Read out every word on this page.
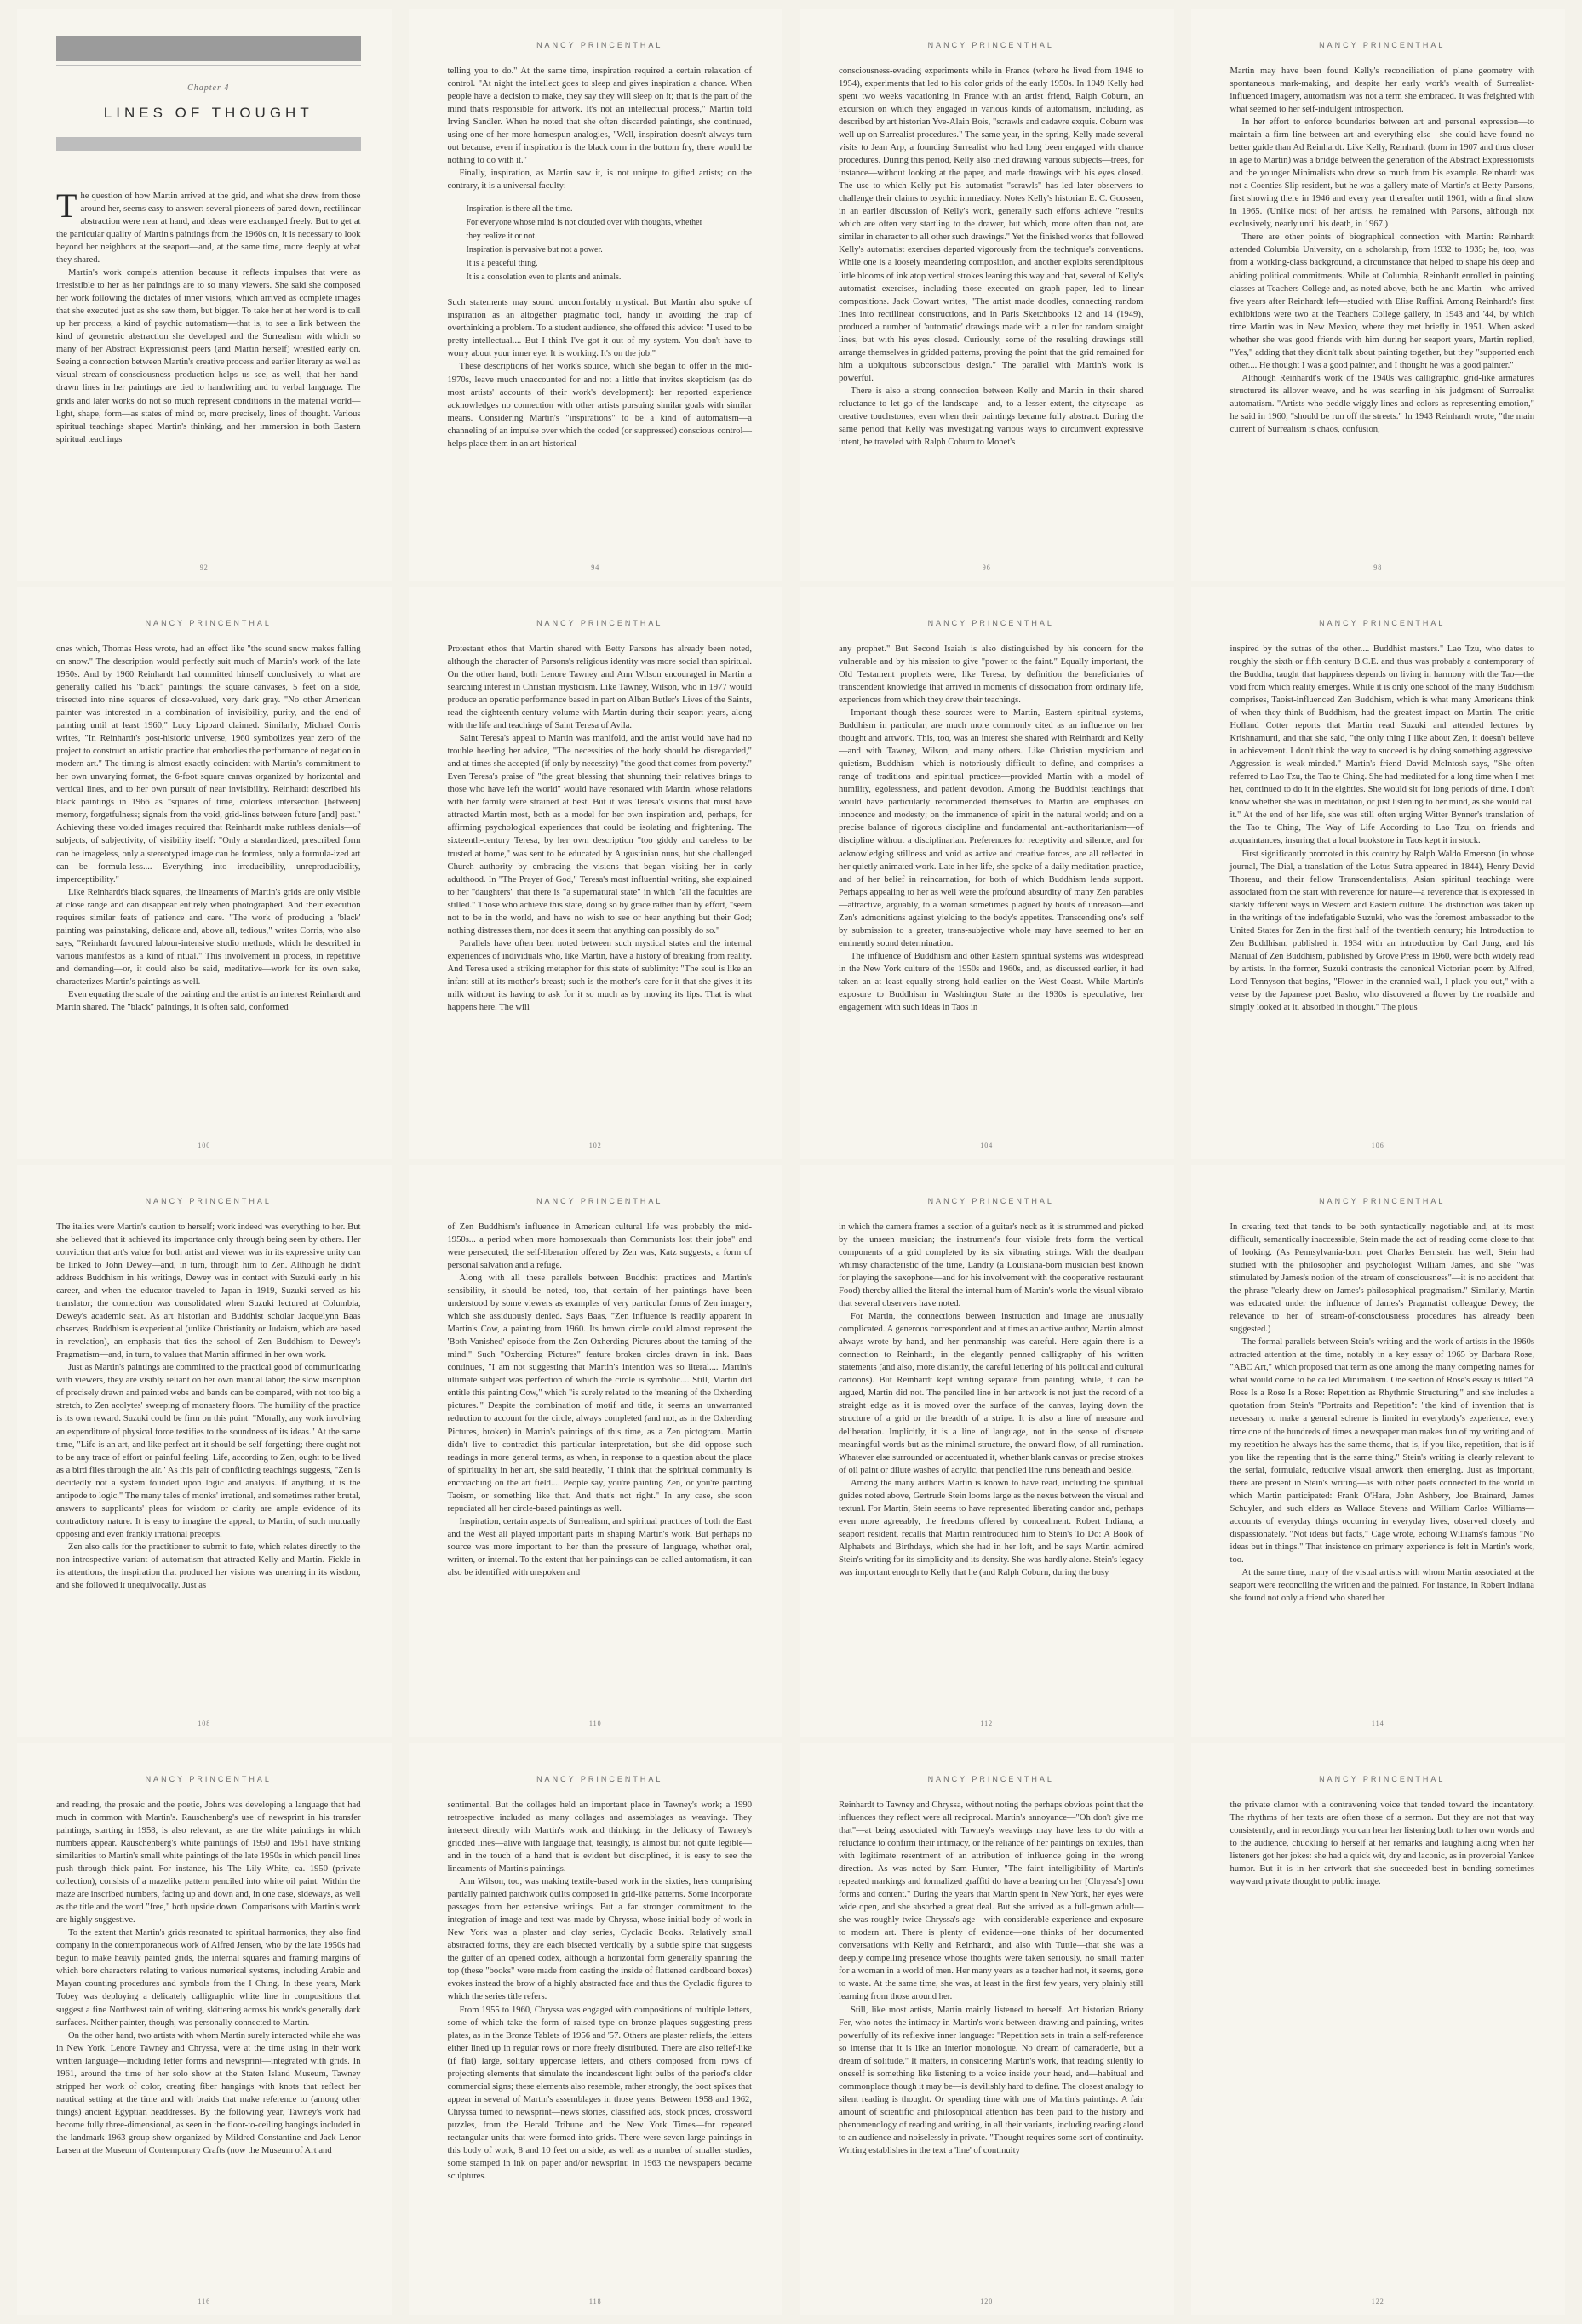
Chapter 4
LINES OF THOUGHT

The question of how Martin arrived at the grid, and what she drew from those around her, seems easy to answer: several pioneers of pared down, rectilinear abstraction were near at hand, and ideas were exchanged freely. But to get at the particular quality of Martin's paintings from the 1960s on, it is necessary to look beyond her neighbors at the seaport—and, at the same time, more deeply at what they shared.

Martin's work compels attention because it reflects impulses that were as irresistible to her as her paintings are to so many viewers. She said she composed her work following the dictates of inner visions, which arrived as complete images that she executed just as she saw them, but bigger. To take her at her word is to call up her process, a kind of psychic automatism—that is, to see a link between the kind of geometric abstraction she developed and the Surrealism with which so many of her Abstract Expressionist peers (and Martin herself) wrestled early on. Seeing a connection between Martin's creative process and earlier literary as well as visual stream-of-consciousness production helps us see, as well, that her hand-drawn lines in her paintings are tied to handwriting and to verbal language. The grids and later works do not so much represent conditions in the material world—light, shape, form—as states of mind or, more precisely, lines of thought. Various spiritual teachings shaped Martin's thinking, and her immersion in both Eastern spiritual teachings

92
NANCY PRINCENTHAL

telling you to do." At the same time, inspiration required a certain relaxation of control. "At night the intellect goes to sleep and gives inspiration a chance. When people have a decision to make, they say they will sleep on it; that is the part of the mind that's responsible for artwork. It's not an intellectual process," Martin told Irving Sandler. When he noted that she often discarded paintings, she continued, using one of her more homespun analogies, "Well, inspiration doesn't always turn out because, even if inspiration is the black corn in the bottom fry, there would be nothing to do with it."

Finally, inspiration, as Martin saw it, is not unique to gifted artists; on the contrary, it is a universal faculty:

Inspiration is there all the time.
For everyone whose mind is not clouded over with thoughts, whether
they realize it or not.
Inspiration is pervasive but not a power.
It is a peaceful thing.
It is a consolation even to plants and animals.

Such statements may sound uncomfortably mystical. But Martin also spoke of inspiration as an altogether pragmatic tool, handy in avoiding the trap of overthinking a problem. To a student audience, she offered this advice: "I used to be pretty intellectual.... But I think I've got it out of my system. You don't have to worry about your inner eye. It is working. It's on the job."

These descriptions of her work's source, which she began to offer in the mid-1970s, leave much unaccounted for and not a little that invites skepticism (as do most artists' accounts of their work's development): her reported experience acknowledges no connection with other artists pursuing similar goals with similar means. Considering Martin's "inspirations" to be a kind of automatism—a channeling of an impulse over which the coded (or suppressed) conscious control—helps place them in an art-historical

94
NANCY PRINCENTHAL

consciousness-evading experiments while in France (where he lived from 1948 to 1954), experiments that led to his color grids of the early 1950s. In 1949 Kelly had spent two weeks vacationing in France with an artist friend, Ralph Coburn, an excursion on which they engaged in various kinds of automatism, including, as described by art historian Yve-Alain Bois, "scrawls and cadavre exquis. Coburn was well up on Surrealist procedures." The same year, in the spring, Kelly made several visits to Jean Arp, a founding Surrealist who had long been engaged with chance procedures. During this period, Kelly also tried drawing various subjects—trees, for instance—without looking at the paper, and made drawings with his eyes closed. The use to which Kelly put his automatist "scrawls" has led later observers to challenge their claims to psychic immediacy. Notes Kelly's historian E. C. Goossen, in an earlier discussion of Kelly's work, generally such efforts achieve "results which are often very startling to the drawer, but which, more often than not, are similar in character to all other such drawings." Yet the finished works that followed Kelly's automatist exercises departed vigorously from the technique's conventions. While one is a loosely meandering composition, and another exploits serendipitous little blooms of ink atop vertical strokes leaning this way and that, several of Kelly's automatist exercises, including those executed on graph paper, led to linear compositions. Jack Cowart writes, "The artist made doodles, connecting random lines into rectilinear constructions, and in Paris Sketchbooks 12 and 14 (1949), produced a number of 'automatic' drawings made with a ruler for random straight lines, but with his eyes closed. Curiously, some of the resulting drawings still arrange themselves in gridded patterns, proving the point that the grid remained for him a ubiquitous subconscious design." The parallel with Martin's work is powerful.

There is also a strong connection between Kelly and Martin in their shared reluctance to let go of the landscape—and, to a lesser extent, the cityscape—as creative touchstones, even when their paintings became fully abstract. During the same period that Kelly was investigating various ways to circumvent expressive intent, he traveled with Ralph Coburn to Monet's

96
NANCY PRINCENTHAL

Martin may have been found Kelly's reconciliation of plane geometry with spontaneous mark-making, and despite her early work's wealth of Surrealist-influenced imagery, automatism was not a term she embraced. It was freighted with what seemed to her self-indulgent introspection.

In her effort to enforce boundaries between art and personal expression—to maintain a firm line between art and everything else—she could have found no better guide than Ad Reinhardt. Like Kelly, Reinhardt (born in 1907 and thus closer in age to Martin) was a bridge between the generation of the Abstract Expressionists and the younger Minimalists who drew so much from his example. Reinhardt was not a Coenties Slip resident, but he was a gallery mate of Martin's at Betty Parsons, first showing there in 1946 and every year thereafter until 1961, with a final show in 1965. (Unlike most of her artists, he remained with Parsons, although not exclusively, nearly until his death, in 1967.)

There are other points of biographical connection with Martin: Reinhardt attended Columbia University, on a scholarship, from 1932 to 1935; he, too, was from a working-class background, a circumstance that helped to shape his deep and abiding political commitments. While at Columbia, Reinhardt enrolled in painting classes at Teachers College and, as noted above, both he and Martin—who arrived five years after Reinhardt left—studied with Elise Ruffini. Among Reinhardt's first exhibitions were two at the Teachers College gallery, in 1943 and '44, by which time Martin was in New Mexico, where they met briefly in 1951. When asked whether she was good friends with him during her seaport years, Martin replied, "Yes," adding that they didn't talk about painting together, but they "supported each other.... He thought I was a good painter, and I thought he was a good painter."

Although Reinhardt's work of the 1940s was calligraphic, grid-like armatures structured its allover weave, and he was scarfing in his judgment of Surrealist automatism. "Artists who peddle wiggly lines and colors as representing emotion," he said in 1960, "should be run off the streets." In 1943 Reinhardt wrote, "the main current of Surrealism is chaos, confusion,

98
NANCY PRINCENTHAL

ones which, Thomas Hess wrote, had an effect like "the sound snow makes falling on snow." The description would perfectly suit much of Martin's work of the late 1950s. And by 1960 Reinhardt had committed himself conclusively to what are generally called his "black" paintings: the square canvases, 5 feet on a side, trisected into nine squares of close-valued, very dark gray. "No other American painter was interested in a combination of invisibility, purity, and the end of painting until at least 1960," Lucy Lippard claimed. Similarly, Michael Corris writes, "In Reinhardt's post-historic universe, 1960 symbolizes year zero of the project to construct an artistic practice that embodies the performance of negation in modern art." The timing is almost exactly coincident with Martin's commitment to her own unvarying format, the 6-foot square canvas organized by horizontal and vertical lines, and to her own pursuit of near invisibility. Reinhardt described his black paintings in 1966 as "squares of time, colorless intersection [between] memory, forgetfulness; signals from the void, grid-lines between future [and] past." Achieving these voided images required that Reinhardt make ruthless denials—of subjects, of subjectivity, of visibility itself: "Only a standardized, prescribed form can be imageless, only a stereotyped image can be formless, only a formula-ized art can be formula-less.... Everything into irreducibility, unreproducibility, imperceptibility."

Like Reinhardt's black squares, the lineaments of Martin's grids are only visible at close range and can disappear entirely when photographed. And their execution requires similar feats of patience and care. "The work of producing a 'black' painting was painstaking, delicate and, above all, tedious," writes Corris, who also says, "Reinhardt favoured labour-intensive studio methods, which he described in various manifestos as a kind of ritual." This involvement in process, in repetitive and demanding—or, it could also be said, meditative—work for its own sake, characterizes Martin's paintings as well.

Even equating the scale of the painting and the artist is an interest Reinhardt and Martin shared. The "black" paintings, it is often said, conformed

100
NANCY PRINCENTHAL

Protestant ethos that Martin shared with Betty Parsons has already been noted, although the character of Parsons's religious identity was more social than spiritual. On the other hand, both Lenore Tawney and Ann Wilson encouraged in Martin a searching interest in Christian mysticism. Like Tawney, Wilson, who in 1977 would produce an operatic performance based in part on Alban Butler's Lives of the Saints, read the eighteenth-century volume with Martin during their seaport years, along with the life and teachings of Saint Teresa of Avila.

Saint Teresa's appeal to Martin was manifold, and the artist would have had no trouble heeding her advice, "The necessities of the body should be disregarded," and at times she accepted (if only by necessity) "the good that comes from poverty." Even Teresa's praise of "the great blessing that shunning their relatives brings to those who have left the world" would have resonated with Martin, whose relations with her family were strained at best. But it was Teresa's visions that must have attracted Martin most, both as a model for her own inspiration and, perhaps, for affirming psychological experiences that could be isolating and frightening. The sixteenth-century Teresa, by her own description "too giddy and careless to be trusted at home," was sent to be educated by Augustinian nuns, but she challenged Church authority by embracing the visions that began visiting her in early adulthood. In "The Prayer of God," Teresa's most influential writing, she explained to her "daughters" that there is "a supernatural state" in which "all the faculties are stilled." Those who achieve this state, doing so by grace rather than by effort, "seem not to be in the world, and have no wish to see or hear anything but their God; nothing distresses them, nor does it seem that anything can possibly do so."

Parallels have often been noted between such mystical states and the internal experiences of individuals who, like Martin, have a history of breaking from reality. And Teresa used a striking metaphor for this state of sublimity: "The soul is like an infant still at its mother's breast; such is the mother's care for it that she gives it its milk without its having to ask for it so much as by moving its lips. That is what happens here. The will

102
NANCY PRINCENTHAL

any prophet." But Second Isaiah is also distinguished by his concern for the vulnerable and by his mission to give "power to the faint." Equally important, the Old Testament prophets were, like Teresa, by definition the beneficiaries of transcendent knowledge that arrived in moments of dissociation from ordinary life, experiences from which they drew their teachings.

Important though these sources were to Martin, Eastern spiritual systems, Buddhism in particular, are much more commonly cited as an influence on her thought and artwork. This, too, was an interest she shared with Reinhardt and Kelly—and with Tawney, Wilson, and many others. Like Christian mysticism and quietism, Buddhism—which is notoriously difficult to define, and comprises a range of traditions and spiritual practices—provided Martin with a model of humility, egolessness, and patient devotion. Among the Buddhist teachings that would have particularly recommended themselves to Martin are emphases on innocence and modesty; on the immanence of spirit in the natural world; and on a precise balance of rigorous discipline and fundamental anti-authoritarianism—of discipline without a disciplinarian. Preferences for receptivity and silence, and for acknowledging stillness and void as active and creative forces, are all reflected in her quietly animated work. Late in her life, she spoke of a daily meditation practice, and of her belief in reincarnation, for both of which Buddhism lends support. Perhaps appealing to her as well were the profound absurdity of many Zen parables—attractive, arguably, to a woman sometimes plagued by bouts of unreason—and Zen's admonitions against yielding to the body's appetites. Transcending one's self by submission to a greater, trans-subjective whole may have seemed to her an eminently sound determination.

The influence of Buddhism and other Eastern spiritual systems was widespread in the New York culture of the 1950s and 1960s, and, as discussed earlier, it had taken an at least equally strong hold earlier on the West Coast. While Martin's exposure to Buddhism in Washington State in the 1930s is speculative, her engagement with such ideas in Taos in

104
NANCY PRINCENTHAL

inspired by the sutras of the other.... Buddhist masters." Lao Tzu, who dates to roughly the sixth or fifth century B.C.E. and thus was probably a contemporary of the Buddha, taught that happiness depends on living in harmony with the Tao—the void from which reality emerges. While it is only one school of the many Buddhism comprises, Taoist-influenced Zen Buddhism, which is what many Americans think of when they think of Buddhism, had the greatest impact on Martin. The critic Holland Cotter reports that Martin read Suzuki and attended lectures by Krishnamurti, and that she said, "the only thing I like about Zen, it doesn't believe in achievement. I don't think the way to succeed is by doing something aggressive. Aggression is weak-minded." Martin's friend David McIntosh says, "She often referred to Lao Tzu, the Tao te Ching. She had meditated for a long time when I met her, continued to do it in the eighties. She would sit for long periods of time. I don't know whether she was in meditation, or just listening to her mind, as she would call it." At the end of her life, she was still often urging Witter Bynner's translation of the Tao te Ching, The Way of Life According to Lao Tzu, on friends and acquaintances, insuring that a local bookstore in Taos kept it in stock.

First significantly promoted in this country by Ralph Waldo Emerson (in whose journal, The Dial, a translation of the Lotus Sutra appeared in 1844), Henry David Thoreau, and their fellow Transcendentalists, Asian spiritual teachings were associated from the start with reverence for nature—a reverence that is expressed in starkly different ways in Western and Eastern culture. The distinction was taken up in the writings of the indefatigable Suzuki, who was the foremost ambassador to the United States for Zen in the first half of the twentieth century; his Introduction to Zen Buddhism, published in 1934 with an introduction by Carl Jung, and his Manual of Zen Buddhism, published by Grove Press in 1960, were both widely read by artists. In the former, Suzuki contrasts the canonical Victorian poem by Alfred, Lord Tennyson that begins, "Flower in the crannied wall, I pluck you out," with a verse by the Japanese poet Basho, who discovered a flower by the roadside and simply looked at it, absorbed in thought." The pious

106
NANCY PRINCENTHAL

The italics were Martin's caution to herself; work indeed was everything to her. But she believed that it achieved its importance only through being seen by others. Her conviction that art's value for both artist and viewer was in its expressive unity can be linked to John Dewey—and, in turn, through him to Zen. Although he didn't address Buddhism in his writings, Dewey was in contact with Suzuki early in his career, and when the educator traveled to Japan in 1919, Suzuki served as his translator; the connection was consolidated when Suzuki lectured at Columbia, Dewey's academic seat. As art historian and Buddhist scholar Jacquelynn Baas observes, Buddhism is experiential (unlike Christianity or Judaism, which are based in revelation), an emphasis that ties the school of Zen Buddhism to Dewey's Pragmatism—and, in turn, to values that Martin affirmed in her own work.

Just as Martin's paintings are committed to the practical good of communicating with viewers, they are visibly reliant on her own manual labor; the slow inscription of precisely drawn and painted webs and bands can be compared, with not too big a stretch, to Zen acolytes' sweeping of monastery floors. The humility of the practice is its own reward. Suzuki could be firm on this point: "Morally, any work involving an expenditure of physical force testifies to the soundness of its ideas." At the same time, "Life is an art, and like perfect art it should be self-forgetting; there ought not to be any trace of effort or painful feeling. Life, according to Zen, ought to be lived as a bird flies through the air." As this pair of conflicting teachings suggests, "Zen is decidedly not a system founded upon logic and analysis. If anything, it is the antipode to logic." The many tales of monks' irrational, and sometimes rather brutal, answers to supplicants' pleas for wisdom or clarity are ample evidence of its contradictory nature. It is easy to imagine the appeal, to Martin, of such mutually opposing and even frankly irrational precepts.

Zen also calls for the practitioner to submit to fate, which relates directly to the non-introspective variant of automatism that attracted Kelly and Martin. Fickle in its attentions, the inspiration that produced her visions was unerring in its wisdom, and she followed it unequivocally. Just as

108
NANCY PRINCENTHAL

of Zen Buddhism's influence in American cultural life was probably the mid-1950s... a period when more homosexuals than Communists lost their jobs" and were persecuted; the self-liberation offered by Zen was, Katz suggests, a form of personal salvation and a refuge.

Along with all these parallels between Buddhist practices and Martin's sensibility, it should be noted, too, that certain of her paintings have been understood by some viewers as examples of very particular forms of Zen imagery, which she assiduously denied. Says Baas, "Zen influence is readily apparent in Martin's Cow, a painting from 1960. Its brown circle could almost represent the 'Both Vanished' episode from the Zen Oxherding Pictures about the taming of the mind." Such "Oxherding Pictures" feature broken circles drawn in ink. Baas continues, "I am not suggesting that Martin's intention was so literal.... Martin's ultimate subject was perfection of which the circle is symbolic.... Still, Martin did entitle this painting Cow," which "is surely related to the 'meaning of the Oxherding pictures.'" Despite the combination of motif and title, it seems an unwarranted reduction to account for the circle, always completed (and not, as in the Oxherding Pictures, broken) in Martin's paintings of this time, as a Zen pictogram. Martin didn't live to contradict this particular interpretation, but she did oppose such readings in more general terms, as when, in response to a question about the place of spirituality in her art, she said heatedly, "I think that the spiritual community is encroaching on the art field.... People say, you're painting Zen, or you're painting Taoism, or something like that. And that's not right." In any case, she soon repudiated all her circle-based paintings as well.

Inspiration, certain aspects of Surrealism, and spiritual practices of both the East and the West all played important parts in shaping Martin's work. But perhaps no source was more important to her than the pressure of language, whether oral, written, or internal. To the extent that her paintings can be called automatism, it can also be identified with unspoken and

110
NANCY PRINCENTHAL

in which the camera frames a section of a guitar's neck as it is strummed and picked by the unseen musician; the instrument's four visible frets form the vertical components of a grid completed by its six vibrating strings. With the deadpan whimsy characteristic of the time, Landry (a Louisiana-born musician best known for playing the saxophone—and for his involvement with the cooperative restaurant Food) thereby allied the literal the internal hum of Martin's work: the visual vibrato that several observers have noted.

For Martin, the connections between instruction and image are unusually complicated. A generous correspondent and at times an active author, Martin almost always wrote by hand, and her penmanship was careful. Here again there is a connection to Reinhardt, in the elegantly penned calligraphy of his written statements (and also, more distantly, the careful lettering of his political and cultural cartoons). But Reinhardt kept writing separate from painting, while, it can be argued, Martin did not. The penciled line in her artwork is not just the record of a straight edge as it is moved over the surface of the canvas, laying down the structure of a grid or the breadth of a stripe. It is also a line of measure and deliberation. Implicitly, it is a line of language, not in the sense of discrete meaningful words but as the minimal structure, the onward flow, of all rumination. Whatever else surrounded or accentuated it, whether blank canvas or precise strokes of oil paint or dilute washes of acrylic, that penciled line runs beneath and beside.

Among the many authors Martin is known to have read, including the spiritual guides noted above, Gertrude Stein looms large as the nexus between the visual and textual. For Martin, Stein seems to have represented liberating candor and, perhaps even more agreeably, the freedoms offered by concealment. Robert Indiana, a seaport resident, recalls that Martin reintroduced him to Stein's To Do: A Book of Alphabets and Birthdays, which she had in her loft, and he says Martin admired Stein's writing for its simplicity and its density. She was hardly alone. Stein's legacy was important enough to Kelly that he (and Ralph Coburn, during the busy

112
NANCY PRINCENTHAL

In creating text that tends to be both syntactically negotiable and, at its most difficult, semantically inaccessible, Stein made the act of reading come close to that of looking. (As Pennsylvania-born poet Charles Bernstein has well, Stein had studied with the philosopher and psychologist William James, and she "was stimulated by James's notion of the stream of consciousness"—it is no accident that the phrase "clearly drew on James's philosophical pragmatism." Similarly, Martin was educated under the influence of James's Pragmatist colleague Dewey; the relevance to her of stream-of-consciousness procedures has already been suggested.)

The formal parallels between Stein's writing and the work of artists in the 1960s attracted attention at the time, notably in a key essay of 1965 by Barbara Rose, "ABC Art," which proposed that term as one among the many competing names for what would come to be called Minimalism. One section of Rose's essay is titled "A Rose Is a Rose Is a Rose: Repetition as Rhythmic Structuring," and she includes a quotation from Stein's "Portraits and Repetition": "the kind of invention that is necessary to make a general scheme is limited in everybody's experience, every time one of the hundreds of times a newspaper man makes fun of my writing and of my repetition he always has the same theme, that is, if you like, repetition, that is if you like the repeating that is the same thing." Stein's writing is clearly relevant to the serial, formulaic, reductive visual artwork then emerging. Just as important, there are present in Stein's writing—as with other poets connected to the world in which Martin participated: Frank O'Hara, John Ashbery, Joe Brainard, James Schuyler, and such elders as Wallace Stevens and William Carlos Williams—accounts of everyday things occurring in everyday lives, observed closely and dispassionately. "Not ideas but facts," Cage wrote, echoing Williams's famous "No ideas but in things." That insistence on primary experience is felt in Martin's work, too.

At the same time, many of the visual artists with whom Martin associated at the seaport were reconciling the written and the painted. For instance, in Robert Indiana she found not only a friend who shared her

114
NANCY PRINCENTHAL

and reading, the prosaic and the poetic, Johns was developing a language that had much in common with Martin's. Rauschenberg's use of newsprint in his transfer paintings, starting in 1958, is also relevant, as are the white paintings in which numbers appear. Rauschenberg's white paintings of 1950 and 1951 have striking similarities to Martin's small white paintings of the late 1950s in which pencil lines push through thick paint. For instance, his The Lily White, ca. 1950 (private collection), consists of a mazelike pattern penciled into white oil paint. Within the maze are inscribed numbers, facing up and down and, in one case, sideways, as well as the title and the word "free," both upside down. Comparisons with Martin's work are highly suggestive.

To the extent that Martin's grids resonated to spiritual harmonics, they also find company in the contemporaneous work of Alfred Jensen, who by the late 1950s had begun to make heavily painted grids, the internal squares and framing margins of which bore characters relating to various numerical systems, including Arabic and Mayan counting procedures and symbols from the I Ching. In these years, Mark Tobey was deploying a delicately calligraphic white line in compositions that suggest a fine Northwest rain of writing, skittering across his work's generally dark surfaces. Neither painter, though, was personally connected to Martin.

On the other hand, two artists with whom Martin surely interacted while she was in New York, Lenore Tawney and Chryssa, were at the time using in their work written language—including letter forms and newsprint—integrated with grids. In 1961, around the time of her solo show at the Staten Island Museum, Tawney stripped her work of color, creating fiber hangings with knots that reflect her nautical setting at the time and with braids that make reference to (among other things) ancient Egyptian headdresses. By the following year, Tawney's work had become fully three-dimensional, as seen in the floor-to-ceiling hangings included in the landmark 1963 group show organized by Mildred Constantine and Jack Lenor Larsen at the Museum of Contemporary Crafts (now the Museum of Art and

116
NANCY PRINCENTHAL

sentimental. But the collages held an important place in Tawney's work; a 1990 retrospective included as many collages and assemblages as weavings. They intersect directly with Martin's work and thinking: in the delicacy of Tawney's gridded lines—alive with language that, teasingly, is almost but not quite legible—and in the touch of a hand that is evident but disciplined, it is easy to see the lineaments of Martin's paintings.

Ann Wilson, too, was making textile-based work in the sixties, hers comprising partially painted patchwork quilts composed in grid-like patterns. Some incorporate passages from her extensive writings. But a far stronger commitment to the integration of image and text was made by Chryssa, whose initial body of work in New York was a plaster and clay series, Cycladic Books. Relatively small abstracted forms, they are each bisected vertically by a subtle spine that suggests the gutter of an opened codex, although a horizontal form generally spanning the top (these "books" were made from casting the inside of flattened cardboard boxes) evokes instead the brow of a highly abstracted face and thus the Cycladic figures to which the series title refers.

From 1955 to 1960, Chryssa was engaged with compositions of multiple letters, some of which take the form of raised type on bronze plaques suggesting press plates, as in the Bronze Tablets of 1956 and '57. Others are plaster reliefs, the letters either lined up in regular rows or more freely distributed. There are also relief-like (if flat) large, solitary uppercase letters, and others composed from rows of projecting elements that simulate the incandescent light bulbs of the period's older commercial signs; these elements also resemble, rather strongly, the boot spikes that appear in several of Martin's assemblages in those years. Between 1958 and 1962, Chryssa turned to newsprint—news stories, classified ads, stock prices, crossword puzzles, from the Herald Tribune and the New York Times—for repeated rectangular units that were formed into grids. There were seven large paintings in this body of work, 8 and 10 feet on a side, as well as a number of smaller studies, some stamped in ink on paper and/or newsprint; in 1963 the newspapers became sculptures.

118
NANCY PRINCENTHAL

Reinhardt to Tawney and Chryssa, without noting the perhaps obvious point that the influences they reflect were all reciprocal. Martin's annoyance—"Oh don't give me that"—at being associated with Tawney's weavings may have less to do with a reluctance to confirm their intimacy, or the reliance of her paintings on textiles, than with legitimate resentment of an attribution of influence going in the wrong direction. As was noted by Sam Hunter, "The faint intelligibility of Martin's repeated markings and formalized graffiti do have a bearing on her [Chryssa's] own forms and content." During the years that Martin spent in New York, her eyes were wide open, and she absorbed a great deal. But she arrived as a full-grown adult—she was roughly twice Chryssa's age—with considerable experience and exposure to modern art. There is plenty of evidence—one thinks of her documented conversations with Kelly and Reinhardt, and also with Tuttle—that she was a deeply compelling presence whose thoughts were taken seriously, no small matter for a woman in a world of men. Her many years as a teacher had not, it seems, gone to waste. At the same time, she was, at least in the first few years, very plainly still learning from those around her.

Still, like most artists, Martin mainly listened to herself. Art historian Briony Fer, who notes the intimacy in Martin's work between drawing and painting, writes powerfully of its reflexive inner language: "Repetition sets in train a self-reference so intense that it is like an interior monologue. No dream of camaraderie, but a dream of solitude." It matters, in considering Martin's work, that reading silently to oneself is something like listening to a voice inside your head, and—habitual and commonplace though it may be—is devilishly hard to define. The closest analogy to silent reading is thought. Or spending time with one of Martin's paintings. A fair amount of scientific and philosophical attention has been paid to the history and phenomenology of reading and writing, in all their variants, including reading aloud to an audience and noiselessly in private. "Thought requires some sort of continuity. Writing establishes in the text a 'line' of continuity

120
NANCY PRINCENTHAL

the private clamor with a contravening voice that tended toward the incantatory. The rhythms of her texts are often those of a sermon. But they are not that way consistently, and in recordings you can hear her listening both to her own words and to the audience, chuckling to herself at her remarks and laughing along when her listeners got her jokes: she had a quick wit, dry and laconic, as in proverbial Yankee humor. But it is in her artwork that she succeeded best in bending sometimes wayward private thought to public image.

122
